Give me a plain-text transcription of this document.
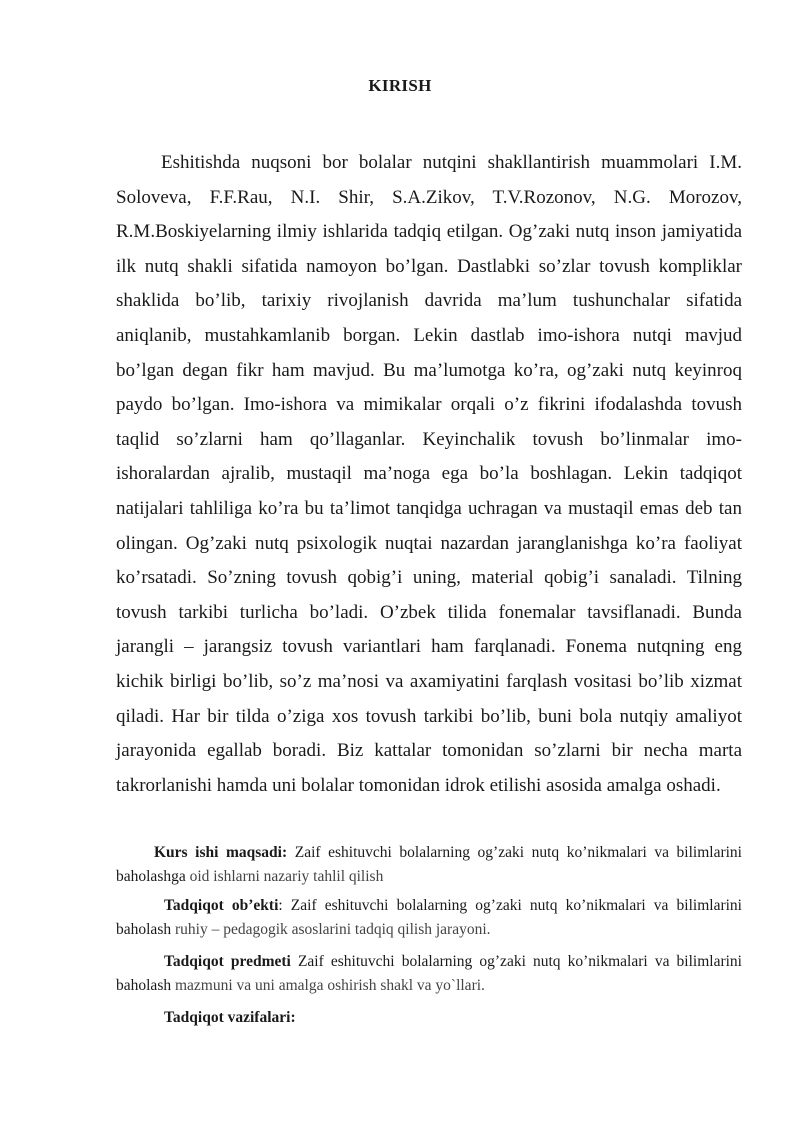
KIRISH

Eshitishda nuqsoni bor bolalar nutqini shakllantirish muammolari I.M. Soloveva, F.F.Rau, N.I. Shir, S.A.Zikov, T.V.Rozonov, N.G. Morozov, R.M.Boskiyelarning ilmiy ishlarida tadqiq etilgan. Og’zaki nutq inson jamiyatida ilk nutq shakli sifatida namoyon bo’lgan. Dastlabki so’zlar tovush kompliklar shaklida bo’lib, tarixiy rivojlanish davrida ma’lum tushunchalar sifatida aniqlanib, mustahkamlanib borgan. Lekin dastlab imo-ishora nutqi mavjud bo’lgan degan fikr ham mavjud. Bu ma’lumotga ko’ra, og’zaki nutq keyinroq paydo bo’lgan. Imo-ishora va mimikalar orqali o’z fikrini ifodalashda tovush taqlid so’zlarni ham qo’llaganlar. Keyinchalik tovush bo’linmalar imo-ishoralardan ajralib, mustaqil ma’noga ega bo’la boshlagan. Lekin tadqiqot natijalari tahliliga ko’ra bu ta’limot tanqidga uchragan va mustaqil emas deb tan olingan. Og’zaki nutq psixologik nuqtai nazardan jaranglanishga ko’ra faoliyat ko’rsatadi. So’zning tovush qobig’i uning, material qobig’i sanaladi. Tilning tovush tarkibi turlicha bo’ladi. O’zbek tilida fonemalar tavsiflanadi. Bunda jarangli – jarangsiz tovush variantlari ham farqlanadi. Fonema nutqning eng kichik birligi bo’lib, so’z ma’nosi va axamiyatini farqlash vositasi bo’lib xizmat qiladi. Har bir tilda o’ziga xos tovush tarkibi bo’lib, buni bola nutqiy amaliyot jarayonida egallab boradi. Biz kattalar tomonidan so’zlarni bir necha marta takrorlanishi hamda uni bolalar tomonidan idrok etilishi asosida amalga oshadi.

Kurs ishi maqsadi: Zaif eshituvchi bolalarning og’zaki nutq ko’nikmalari va bilimlarini baholashga oid ishlarni nazariy tahlil qilish

Tadqiqot ob’ekti: Zaif eshituvchi bolalarning og’zaki nutq ko’nikmalari va bilimlarini baholash ruhiy – pedagogik asoslarini tadqiq qilish jarayoni.

Tadqiqot predmeti Zaif eshituvchi bolalarning og’zaki nutq ko’nikmalari va bilimlarini baholash mazmuni va uni amalga oshirish shakl va yo`llari.

Tadqiqot vazifalari:
